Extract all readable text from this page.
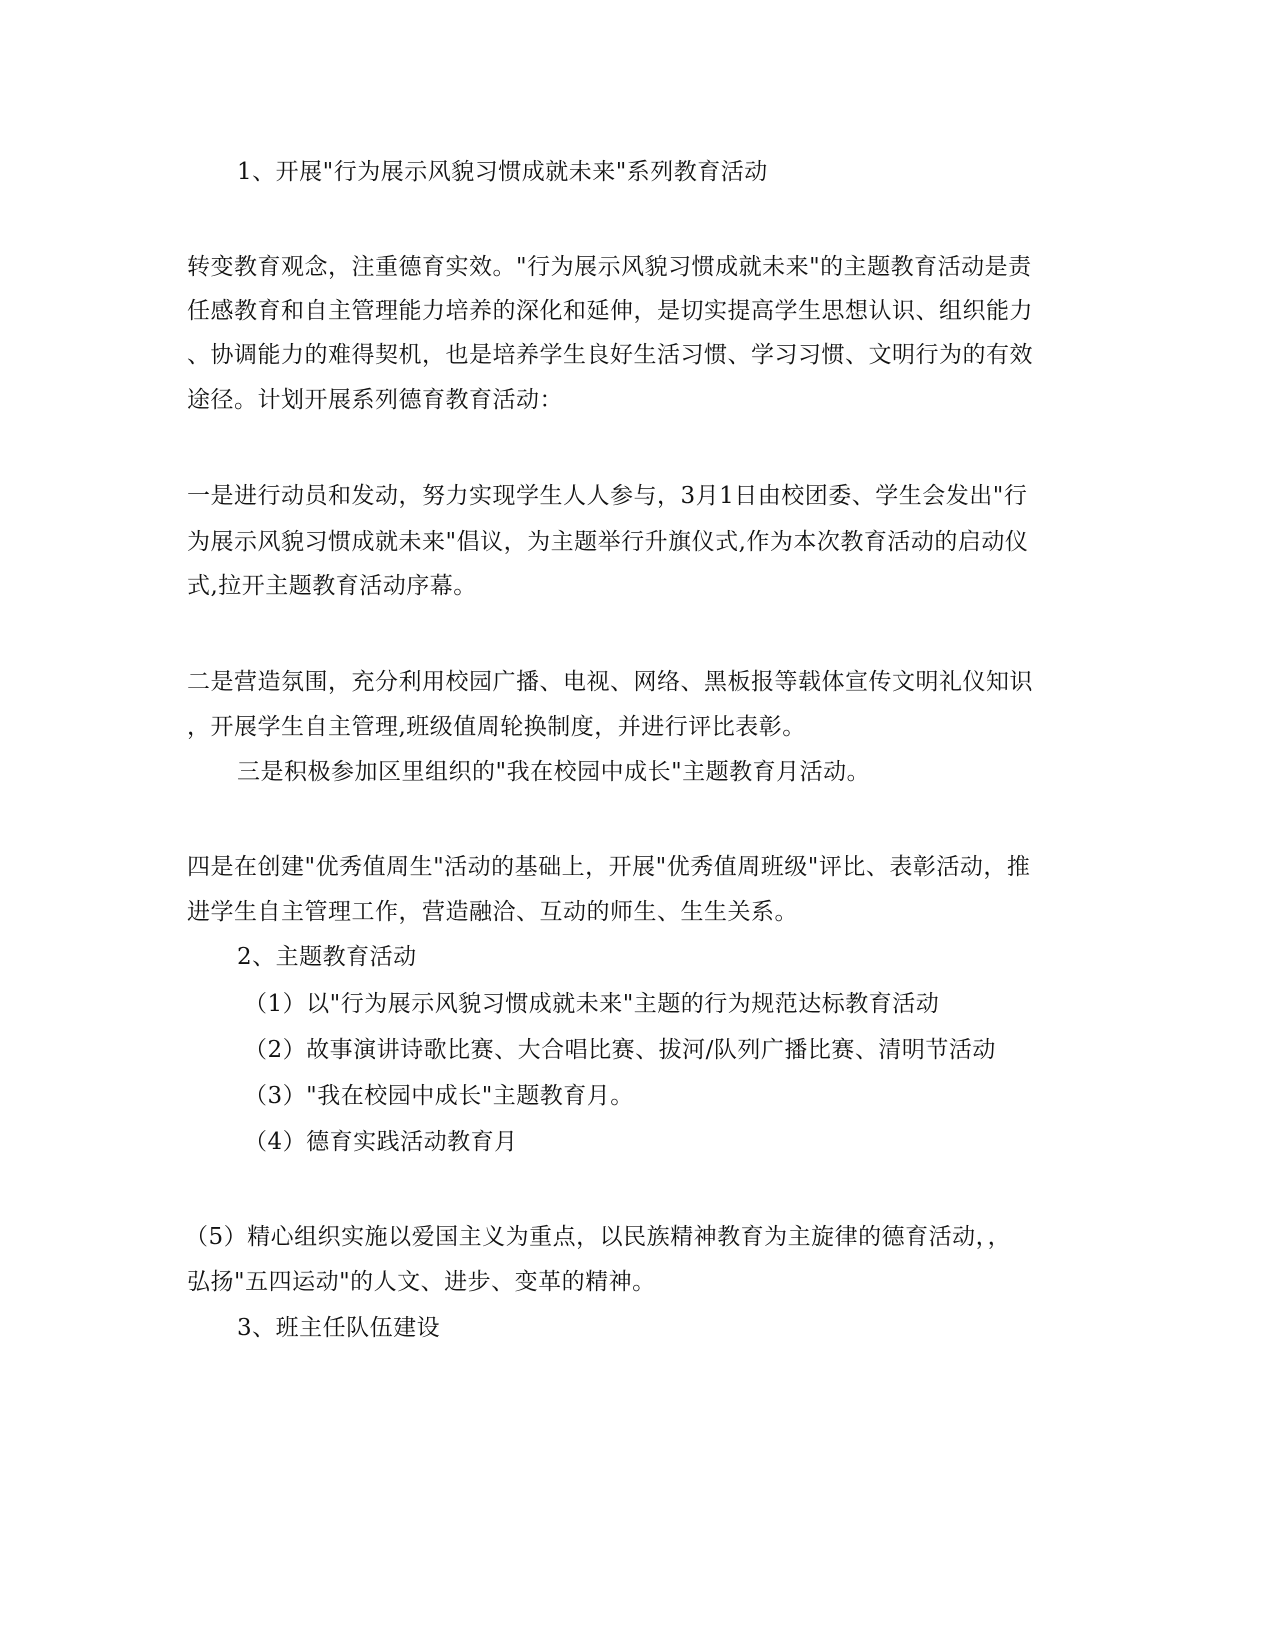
1、开展"行为展示风貌习惯成就未来"系列教育活动
转变教育观念，注重德育实效。"行为展示风貌习惯成就未来"的主题教育活动是责
任感教育和自主管理能力培养的深化和延伸，是切实提高学生思想认识、组织能力
、协调能力的难得契机，也是培养学生良好生活习惯、学习习惯、文明行为的有效
途径。计划开展系列德育教育活动：
一是进行动员和发动，努力实现学生人人参与，3月1日由校团委、学生会发出"行
为展示风貌习惯成就未来"倡议，为主题举行升旗仪式,作为本次教育活动的启动仪
式,拉开主题教育活动序幕。
二是营造氛围，充分利用校园广播、电视、网络、黑板报等载体宣传文明礼仪知识
，开展学生自主管理,班级值周轮换制度，并进行评比表彰。
三是积极参加区里组织的"我在校园中成长"主题教育月活动。
四是在创建"优秀值周生"活动的基础上，开展"优秀值周班级"评比、表彰活动，推
进学生自主管理工作，营造融洽、互动的师生、生生关系。
2、主题教育活动
（1）以"行为展示风貌习惯成就未来"主题的行为规范达标教育活动
（2）故事演讲诗歌比赛、大合唱比赛、拔河/队列广播比赛、清明节活动
（3）"我在校园中成长"主题教育月。
（4）德育实践活动教育月
（5）精心组织实施以爱国主义为重点，以民族精神教育为主旋律的德育活动，，
弘扬"五四运动"的人文、进步、变革的精神。
3、班主任队伍建设
